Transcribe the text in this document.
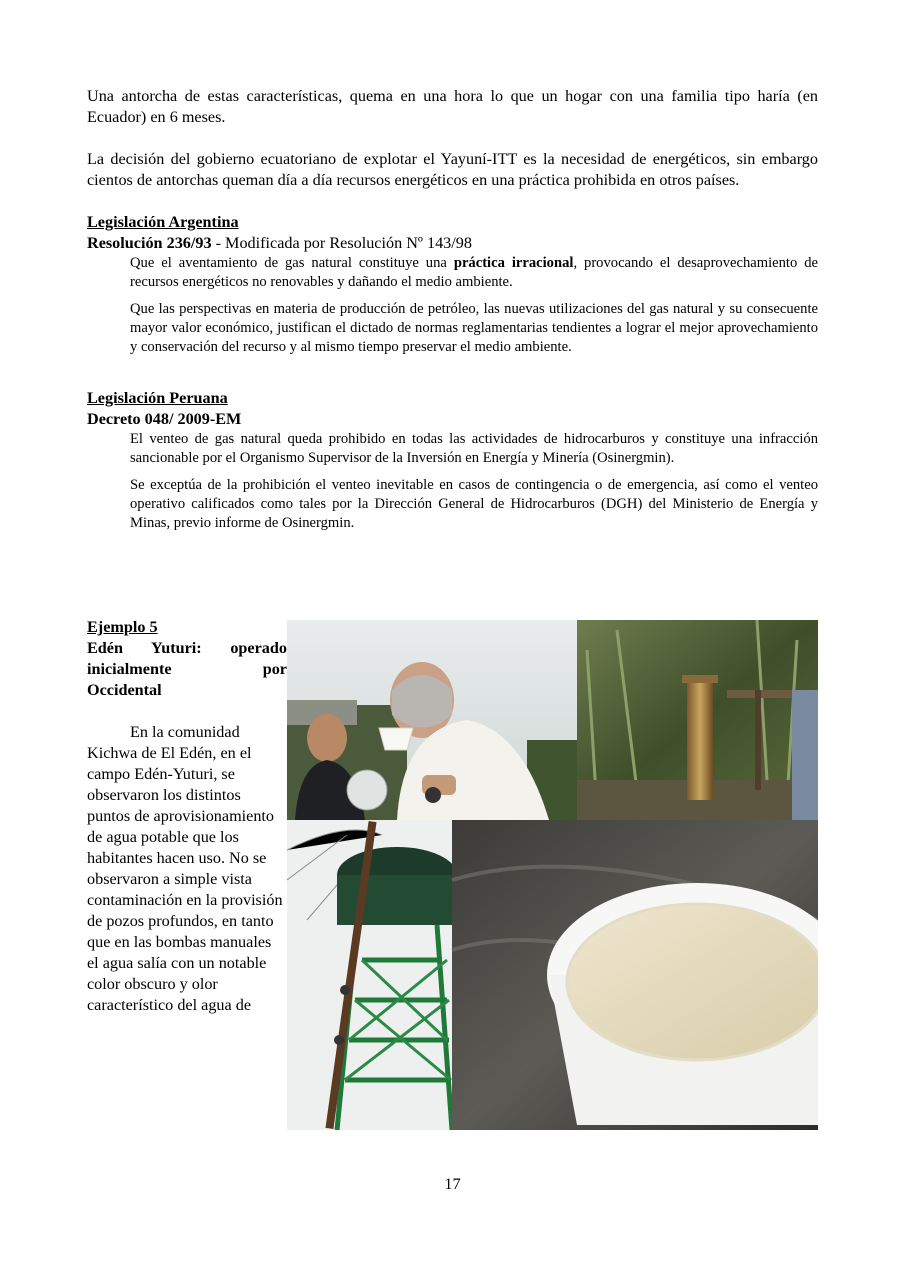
Una antorcha de estas características, quema en una hora lo que un hogar con una familia tipo haría (en Ecuador) en 6 meses.

La decisión del gobierno ecuatoriano de explotar el Yayuní-ITT es la necesidad de energéticos, sin embargo cientos de antorchas queman día a día recursos energéticos en una práctica prohibida en otros países.

Legislación Argentina
Resolución 236/93 - Modificada por Resolución Nº 143/98

Que el aventamiento de gas natural constituye una práctica irracional, provocando el desaprovechamiento de recursos energéticos no renovables y dañando el medio ambiente.

Que las perspectivas en materia de producción de petróleo, las nuevas utilizaciones del gas natural y su consecuente mayor valor económico, justifican el dictado de normas reglamentarias tendientes a lograr el mejor aprovechamiento y conservación del recurso y al mismo tiempo preservar el medio ambiente.

Legislación Peruana
Decreto 048/ 2009-EM

El venteo de gas natural queda prohibido en todas las actividades de hidrocarburos y constituye una infracción sancionable por el Organismo Supervisor de la Inversión en Energía y Minería (Osinergmin).

Se exceptúa de la prohibición el venteo inevitable en casos de contingencia o de emergencia, así como el venteo operativo calificados como tales por la Dirección General de Hidrocarburos (DGH) del Ministerio de Energía y Minas, previo informe de Osinergmin.

Ejemplo 5
Edén Yuturi: operado
inicialmente por
Occidental

En la comunidad Kichwa de El Edén, en el campo Edén-Yuturi, se observaron los distintos puntos de aprovisionamiento de agua potable que los habitantes hacen uso. No se observaron a simple vista contaminación en la provisión de pozos profundos, en tanto que en las bombas manuales el agua salía con un notable color obscuro y olor característico del agua de

17
